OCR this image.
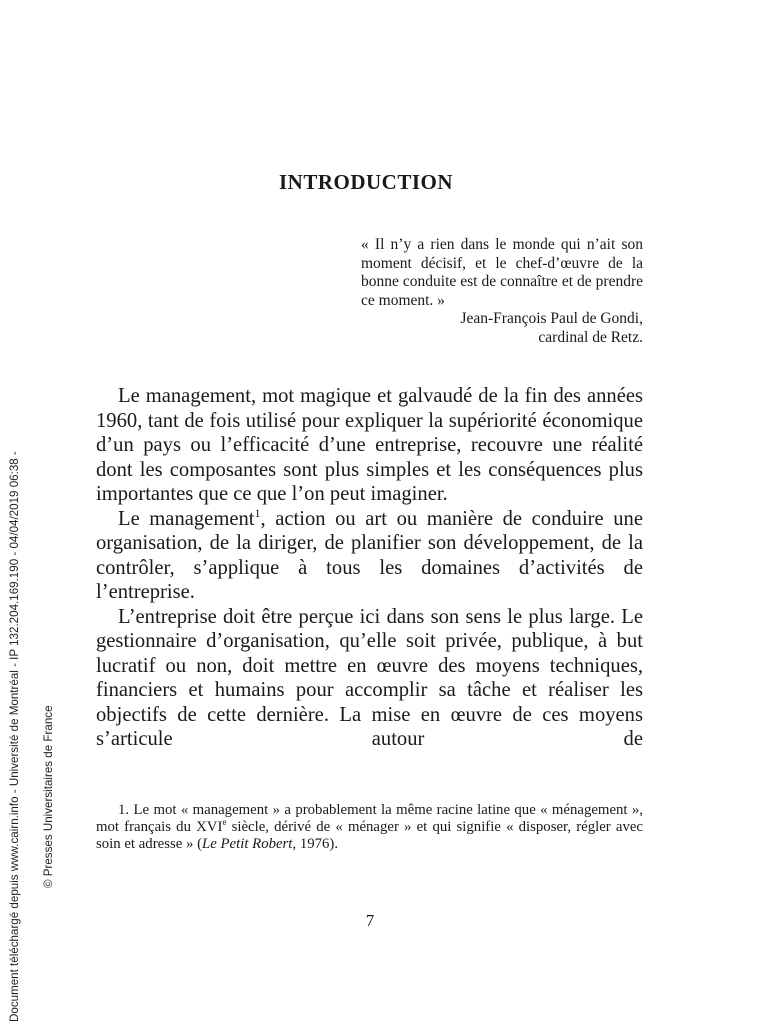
INTRODUCTION

« Il n’y a rien dans le monde qui n’ait son moment décisif, et le chef-d’œuvre de la bonne conduite est de connaître et de prendre ce moment. »

Jean-François Paul de Gondi,

cardinal de Retz.

Le management, mot magique et galvaudé de la fin des années 1960, tant de fois utilisé pour expliquer la supériorité économique d’un pays ou l’efficacité d’une entreprise, recouvre une réalité dont les composantes sont plus simples et les conséquences plus importantes que ce que l’on peut imaginer.

Le management$^1$, action ou art ou manière de conduire une organisation, de la diriger, de planifier son développement, de la contrôler, s’applique à tous les domaines d’activités de l’entreprise.

L’entreprise doit être perçue ici dans son sens le plus large. Le gestionnaire d’organisation, qu’elle soit privée, publique, à but lucratif ou non, doit mettre en œuvre des moyens techniques, financiers et humains pour accomplir sa tâche et réaliser les objectifs de cette dernière. La mise en œuvre de ces moyens s’articule autour de

1. Le mot « management » a probablement la même racine latine que « ménagement », mot français du XVIe siècle, dérivé de « ménager » et qui signifie « disposer, régler avec soin et adresse » (Le Petit Robert, 1976).

7
Document téléchargé depuis www.cairn.info - Université de Montréal - IP 132.204.169.190 - 04/04/2019 06:38 - © Presses Universitaires de France
